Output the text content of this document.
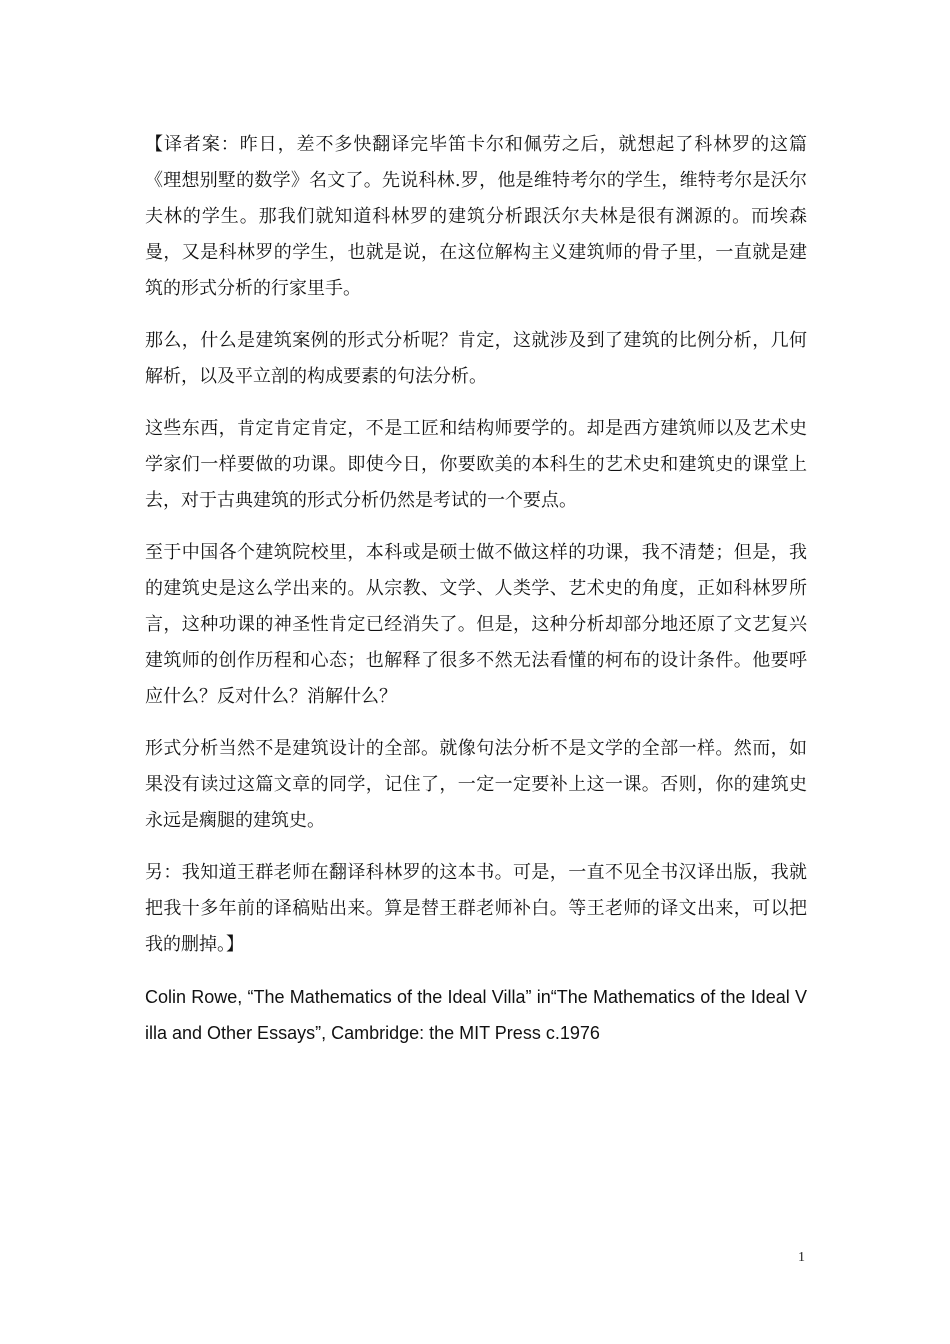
【译者案：昨日，差不多快翻译完毕笛卡尔和佩劳之后，就想起了科林罗的这篇《理想别墅的数学》名文了。先说科林.罗，他是维特考尔的学生，维特考尔是沃尔夫林的学生。那我们就知道科林罗的建筑分析跟沃尔夫林是很有渊源的。而埃森曼，又是科林罗的学生，也就是说，在这位解构主义建筑师的骨子里，一直就是建筑的形式分析的行家里手。

那么，什么是建筑案例的形式分析呢？肯定，这就涉及到了建筑的比例分析，几何解析，以及平立剖的构成要素的句法分析。

这些东西，肯定肯定肯定，不是工匠和结构师要学的。却是西方建筑师以及艺术史学家们一样要做的功课。即使今日，你要欧美的本科生的艺术史和建筑史的课堂上去，对于古典建筑的形式分析仍然是考试的一个要点。

至于中国各个建筑院校里，本科或是硕士做不做这样的功课，我不清楚；但是，我的建筑史是这么学出来的。从宗教、文学、人类学、艺术史的角度，正如科林罗所言，这种功课的神圣性肯定已经消失了。但是，这种分析却部分地还原了文艺复兴建筑师的创作历程和心态；也解释了很多不然无法看懂的柯布的设计条件。他要呼应什么？反对什么？消解什么？

形式分析当然不是建筑设计的全部。就像句法分析不是文学的全部一样。然而，如果没有读过这篇文章的同学，记住了，一定一定要补上这一课。否则，你的建筑史永远是瘸腿的建筑史。

另：我知道王群老师在翻译科林罗的这本书。可是，一直不见全书汉译出版，我就把我十多年前的译稿贴出来。算是替王群老师补白。等王老师的译文出来，可以把我的删掉。】

Colin Rowe, “The Mathematics of the Ideal Villa” in“The Mathematics of the Ideal Villa and Other Essays”, Cambridge: the MIT Press c.1976

1
